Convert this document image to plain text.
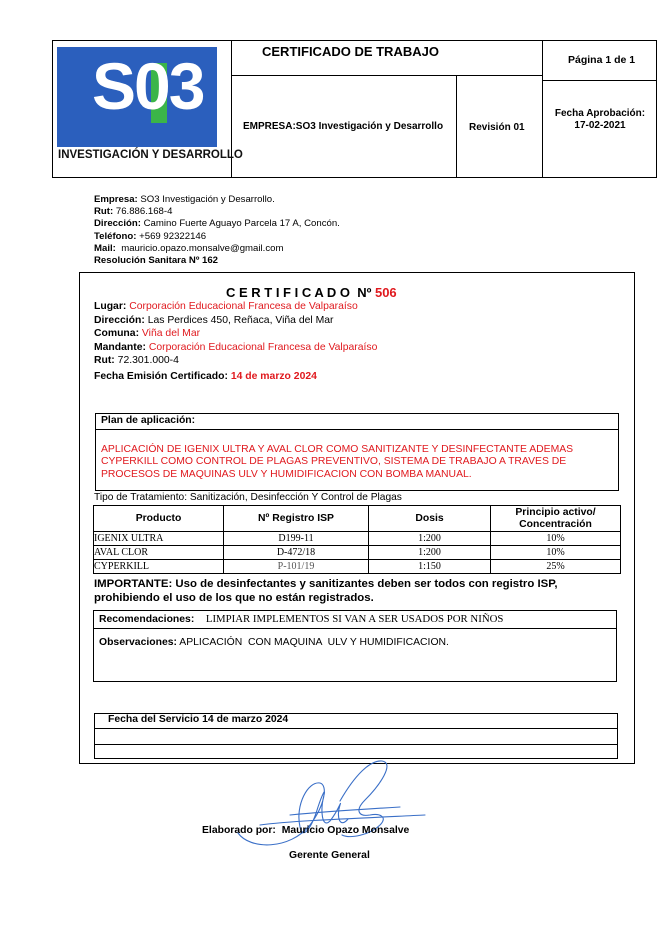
S03
INVESTIGACIÓN Y DESARROLLO
CERTIFICADO DE TRABAJO
Página 1 de 1
EMPRESA:SO3 Investigación y Desarrollo	Revisión 01
Fecha Aprobación:
17-02-2021
Empresa: SO3 Investigación y Desarrollo.
Rut: 76.886.168-4
Dirección: Camino Fuerte Aguayo Parcela 17 A, Concón.
Teléfono: +569 92322146
Mail: mauricio.opazo.monsalve@gmail.com
Resolución Sanitara Nº 162
C E R T I F I C A D O  Nº 506
Lugar: Corporación Educacional Francesa de Valparaíso
Dirección: Las Perdices 450, Reñaca, Viña del Mar
Comuna: Viña del Mar
Mandante: Corporación Educacional Francesa de Valparaíso
Rut: 72.301.000-4
Fecha Emisión Certificado: 14 de marzo 2024
Plan de aplicación:
APLICACIÓN DE IGENIX ULTRA Y AVAL CLOR COMO SANITIZANTE Y DESINFECTANTE ADEMAS CYPERKILL COMO CONTROL DE PLAGAS PREVENTIVO, SISTEMA DE TRABAJO A TRAVES DE PROCESOS DE MAQUINAS ULV Y HUMIDIFICACION CON BOMBA MANUAL.
Tipo de Tratamiento: Sanitización, Desinfección Y Control de Plagas
Producto	Nº Registro ISP	Dosis	Principio activo/
Concentración

IGENIX ULTRA	D199-11	1:200	10%
AVAL CLOR	D-472/18	1:200	10%
CYPERKILL	P-101/19	1:150	25%
IMPORTANTE: Uso de desinfectantes y sanitizantes deben ser todos con registro ISP, prohibiendo el uso de los que no están registrados.
Recomendaciones: LIMPIAR IMPLEMENTOS SI VAN A SER USADOS POR NIÑOS
Observaciones: APLICACIÓN  CON MAQUINA  ULV Y HUMIDIFICACION.
Fecha del Servicio 14 de marzo 2024
Elaborado por: Mauricio Opazo Monsalve
Gerente General
